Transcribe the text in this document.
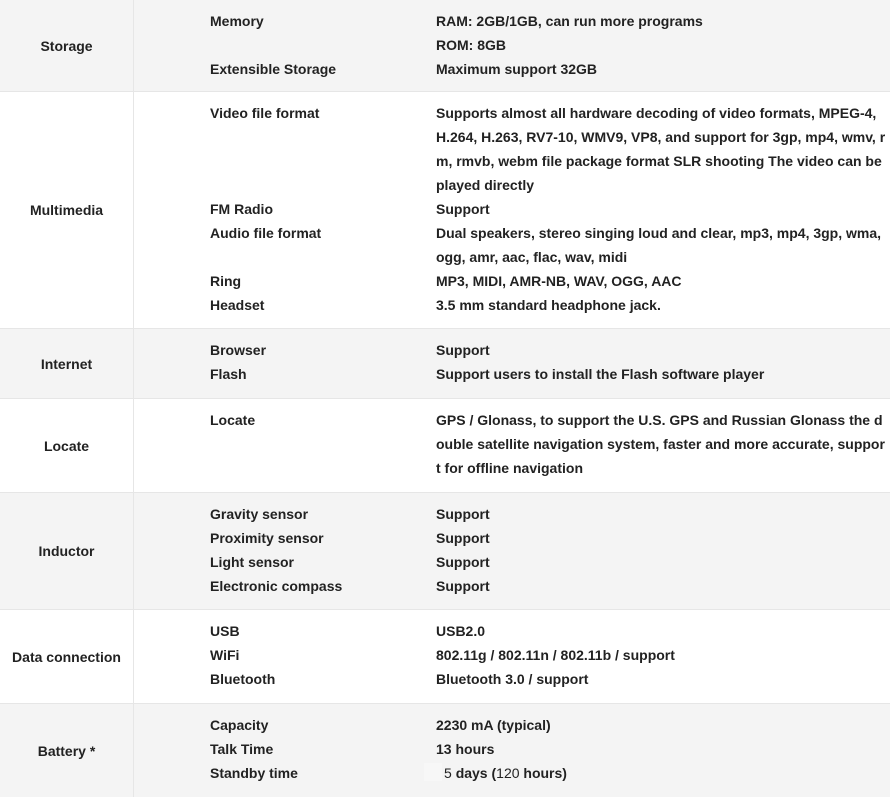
Storage
Memory	RAM: 2GB/1GB, can run more programs
ROM: 8GB
Extensible Storage	Maximum support 32GB
Multimedia
Video file format	Supports almost all hardware decoding of video formats, MPEG-4, H.264, H.263, RV7-10, WMV9, VP8, and support for 3gp, mp4, wmv, rm, rmvb, webm file package format SLR shooting The video can be played directly
FM Radio	Support
Audio file format	Dual speakers, stereo singing loud and clear, mp3, mp4, 3gp, wma, ogg, amr, aac, flac, wav, midi
Ring	MP3, MIDI, AMR-NB, WAV, OGG, AAC
Headset	3.5 mm standard headphone jack.
Internet
Browser	Support
Flash	Support users to install the Flash software player
Locate
Locate	GPS / Glonass, to support the U.S. GPS and Russian Glonass the double satellite navigation system, faster and more accurate, support for offline navigation
Inductor
Gravity sensor	Support
Proximity sensor	Support
Light sensor	Support
Electronic compass	Support
Data connection
USB	USB2.0
WiFi	802.11g / 802.11n / 802.11b / support
Bluetooth	Bluetooth 3.0 / support
Battery *
Capacity	2230 mA (typical)
Talk Time	13 hours
Standby time	5 days (120 hours)
